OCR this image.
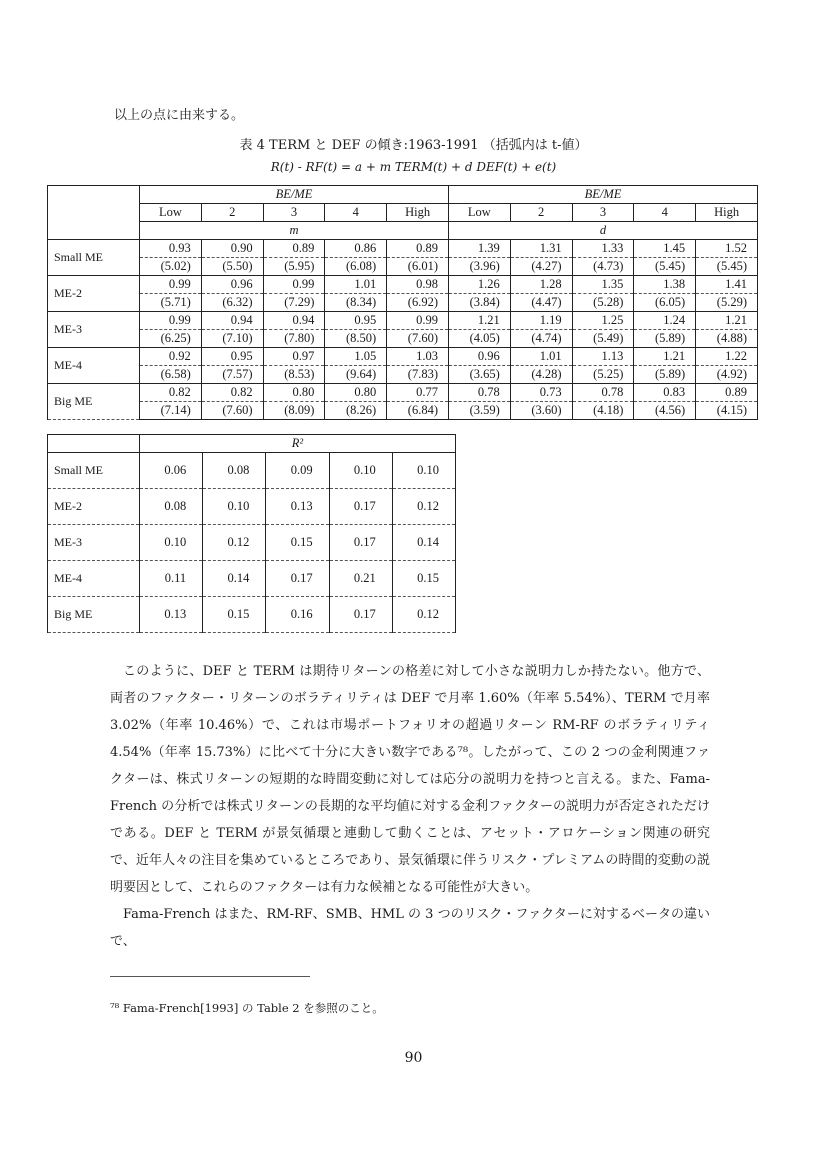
以上の点に由来する。
表 4 TERM と DEF の傾き:1963-1991 （括弧内は t-値）
R(t) - RF(t) = a + m TERM(t) + d DEF(t) + e(t)
	BE/ME					BE/ME				
	Low	2	3	4	High	Low	2	3	4	High
	m					d				
Small ME	0.93	0.90	0.89	0.86	0.89	1.39	1.31	1.33	1.45	1.52
	(5.02)	(5.50)	(5.95)	(6.08)	(6.01)	(3.96)	(4.27)	(4.73)	(5.45)	(5.45)
ME-2	0.99	0.96	0.99	1.01	0.98	1.26	1.28	1.35	1.38	1.41
	(5.71)	(6.32)	(7.29)	(8.34)	(6.92)	(3.84)	(4.47)	(5.28)	(6.05)	(5.29)
ME-3	0.99	0.94	0.94	0.95	0.99	1.21	1.19	1.25	1.24	1.21
	(6.25)	(7.10)	(7.80)	(8.50)	(7.60)	(4.05)	(4.74)	(5.49)	(5.89)	(4.88)
ME-4	0.92	0.95	0.97	1.05	1.03	0.96	1.01	1.13	1.21	1.22
	(6.58)	(7.57)	(8.53)	(9.64)	(7.83)	(3.65)	(4.28)	(5.25)	(5.89)	(4.92)
Big ME	0.82	0.82	0.80	0.80	0.77	0.78	0.73	0.78	0.83	0.89
	(7.14)	(7.60)	(8.09)	(8.26)	(6.84)	(3.59)	(3.60)	(4.18)	(4.56)	(4.15)
	R²				
Small ME	0.06	0.08	0.09	0.10	0.10
ME-2	0.08	0.10	0.13	0.17	0.12
ME-3	0.10	0.12	0.15	0.17	0.14
ME-4	0.11	0.14	0.17	0.21	0.15
Big ME	0.13	0.15	0.16	0.17	0.12

このように、DEF と TERM は期待リターンの格差に対して小さな説明力しか持たない。他方で、両者のファクター・リターンのボラティリティは DEF で月率 1.60%（年率 5.54%）、TERM で月率3.02%（年率 10.46%）で、これは市場ポートフォリオの超過リターン RM-RF のボラティリティ 4.54%（年率 15.73%）に比べて十分に大きい数字である⁷⁸。したがって、この 2 つの金利関連ファクターは、株式リターンの短期的な時間変動に対しては応分の説明力を持つと言える。また、Fama-French の分析では株式リターンの長期的な平均値に対する金利ファクターの説明力が否定されただけである。DEF と TERM が景気循環と連動して動くことは、アセット・アロケーション関連の研究で、近年人々の注目を集めているところであり、景気循環に伴うリスク・プレミアムの時間的変動の説明要因として、これらのファクターは有力な候補となる可能性が大きい。

Fama-French はまた、RM-RF、SMB、HML の 3 つのリスク・ファクターに対するベータの違いで、

⁷⁸ Fama-French[1993] の Table 2 を参照のこと。
90
